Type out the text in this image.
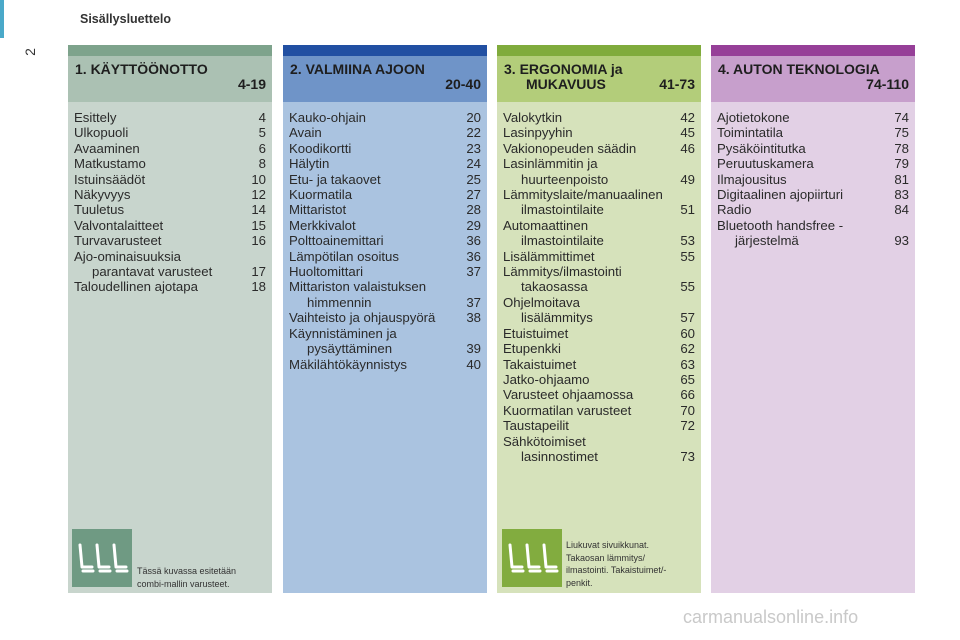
2
Sisällysluettelo
1. KÄYTTÖÖNOTTO
4-19
Esittely	4
Ulkopuoli	5
Avaaminen	6
Matkustamo	8
Istuinsäädöt	10
Näkyvyys	12
Tuuletus	14
Valvontalaitteet	15
Turvavarusteet	16
Ajo-ominaisuuksia
parantavat varusteet	17
Taloudellinen ajotapa	18
Tässä kuvassa esitetään
combi-mallin varusteet.
2. VALMIINA AJOON
20-40
Kauko-ohjain	20
Avain	22
Koodikortti	23
Hälytin	24
Etu- ja takaovet	25
Kuormatila	27
Mittaristot	28
Merkkivalot	29
Polttoainemittari	36
Lämpötilan osoitus	36
Huoltomittari	37
Mittariston valaistuksen
himmennin	37
Vaihteisto ja ohjauspyörä	38
Käynnistäminen ja
pysäyttäminen	39
Mäkilähtökäynnistys	40
3. ERGONOMIA ja
MUKAVUUS	41-73
Valokytkin	42
Lasinpyyhin	45
Vakionopeuden säädin	46
Lasinlämmitin ja
huurteenpoisto	49
Lämmityslaite/manuaalinen
ilmastointilaite	51
Automaattinen
ilmastointilaite	53
Lisälämmittimet	55
Lämmitys/ilmastointi
takaosassa	55
Ohjelmoitava
lisälämmitys	57
Etuistuimet	60
Etupenkki	62
Takaistuimet	63
Jatko-ohjaamo	65
Varusteet ohjaamossa	66
Kuormatilan varusteet	70
Taustapeilit	72
Sähkötoimiset
lasinnostimet	73
Liukuvat sivuikkunat.
Takaosan lämmitys/
ilmastointi. Takaistuimet/-
penkit.
4. AUTON TEKNOLOGIA
74-110
Ajotietokone	74
Toimintatila	75
Pysäköintitutka	78
Peruutuskamera	79
Ilmajousitus	81
Digitaalinen ajopiirturi	83
Radio	84
Bluetooth handsfree -
järjestelmä	93
carmanualsonline.info
